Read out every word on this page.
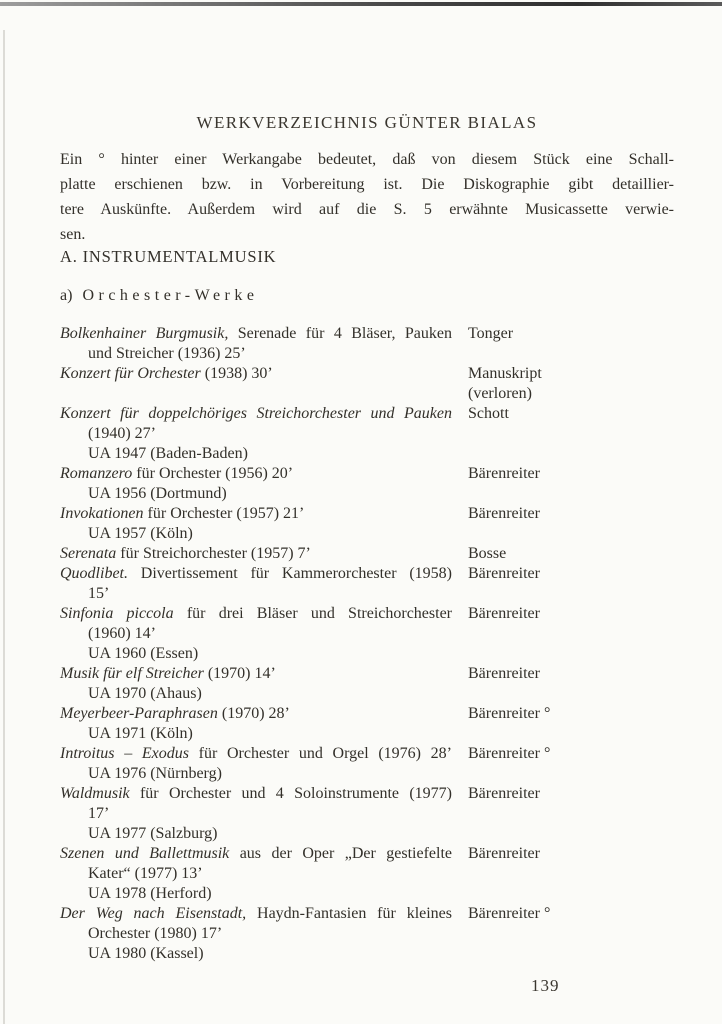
WERKVERZEICHNIS GÜNTER BIALAS
Ein ° hinter einer Werkangabe bedeutet, daß von diesem Stück eine Schall-
platte erschienen bzw. in Vorbereitung ist. Die Diskographie gibt detaillier-
tere Auskünfte. Außerdem wird auf die S. 5 erwähnte Musicassette verwie-
sen.
A. INSTRUMENTALMUSIK
a) Orchester-Werke
Bolkenhainer Burgmusik, Serenade für 4 Bläser, Pauken
und Streicher (1936) 25’
Tonger
Konzert für Orchester (1938) 30’	Manuskript
(verloren)
Konzert für doppelchöriges Streichorchester und Pauken
(1940) 27’
UA 1947 (Baden-Baden)
Schott
Romanzero für Orchester (1956) 20’
UA 1956 (Dortmund)
Bärenreiter
Invokationen für Orchester (1957) 21’
UA 1957 (Köln)
Bärenreiter
Serenata für Streichorchester (1957) 7’	Bosse
Quodlibet. Divertissement für Kammerorchester (1958)
15’
Bärenreiter
Sinfonia piccola für drei Bläser und Streichorchester
(1960) 14’
UA 1960 (Essen)
Bärenreiter
Musik für elf Streicher (1970) 14’
UA 1970 (Ahaus)
Bärenreiter
Meyerbeer-Paraphrasen (1970) 28’
UA 1971 (Köln)
Bärenreiter °
Introitus – Exodus für Orchester und Orgel (1976) 28’
UA 1976 (Nürnberg)
Bärenreiter °
Waldmusik für Orchester und 4 Soloinstrumente (1977)
17’
UA 1977 (Salzburg)
Bärenreiter
Szenen und Ballettmusik aus der Oper „Der gestiefelte
Kater“ (1977) 13’
UA 1978 (Herford)
Bärenreiter
Der Weg nach Eisenstadt, Haydn-Fantasien für kleines
Orchester (1980) 17’
UA 1980 (Kassel)
Bärenreiter °
139
